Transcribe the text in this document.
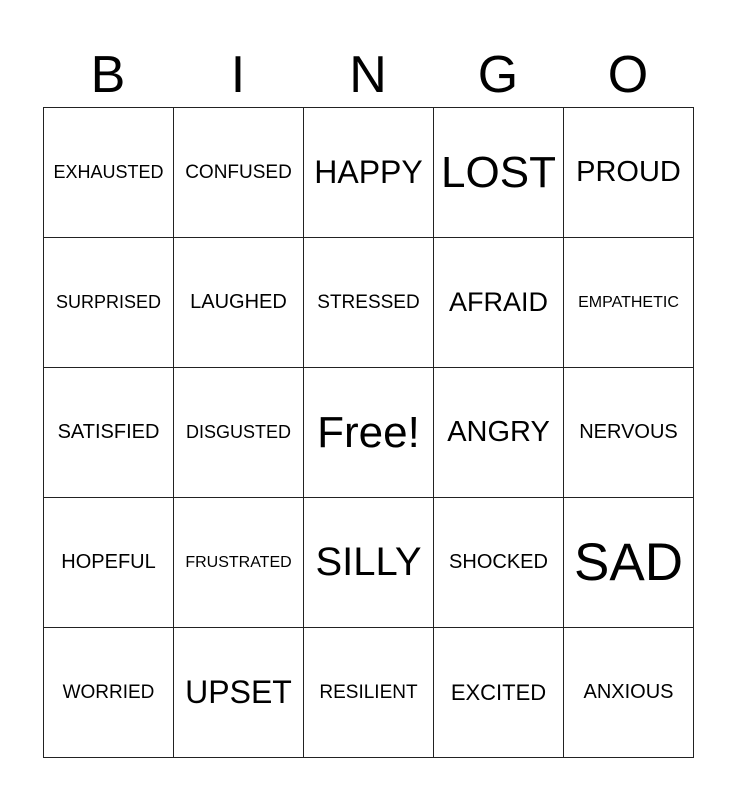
B	I	N	G	O
EXHAUSTED	CONFUSED	HAPPY	LOST	PROUD
SURPRISED	LAUGHED	STRESSED	AFRAID	EMPATHETIC
SATISFIED	DISGUSTED	Free!	ANGRY	NERVOUS
HOPEFUL	FRUSTRATED	SILLY	SHOCKED	SAD
WORRIED	UPSET	RESILIENT	EXCITED	ANXIOUS
